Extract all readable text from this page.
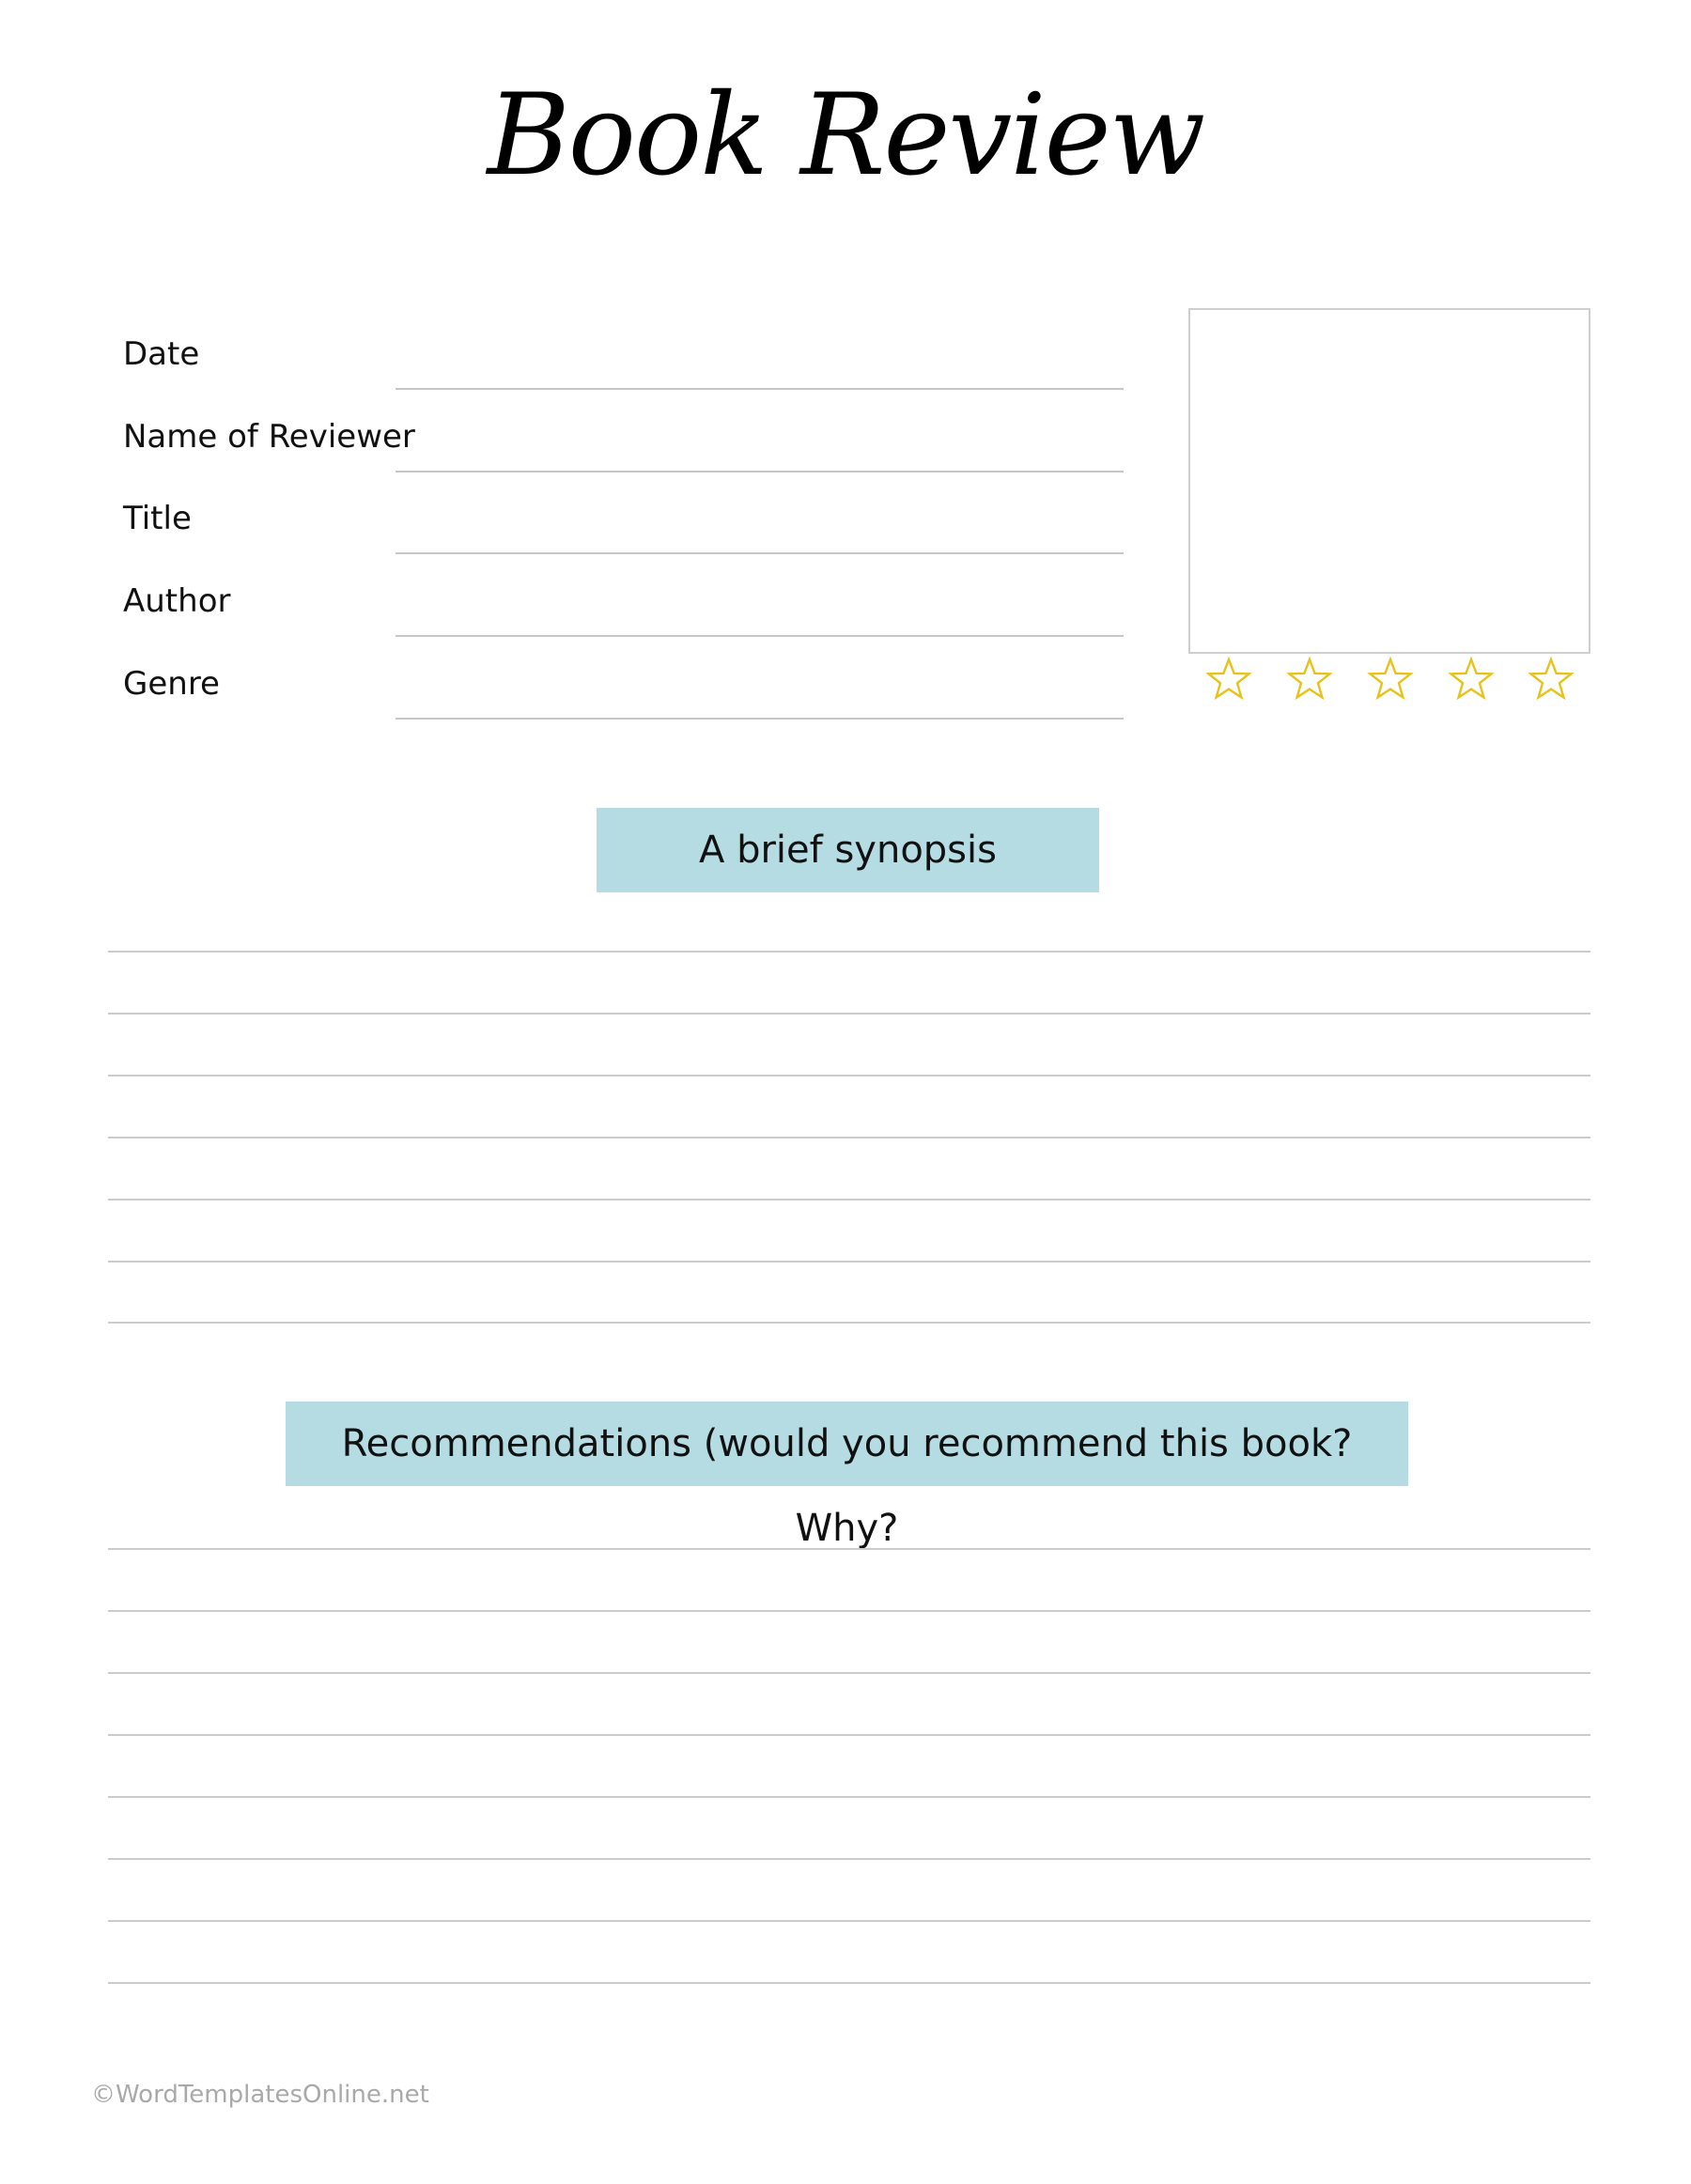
Book Review
Date
Name of Reviewer
Title
Author
Genre
A brief synopsis
Recommendations (would you recommend this book? Why?
©WordTemplatesOnline.net
